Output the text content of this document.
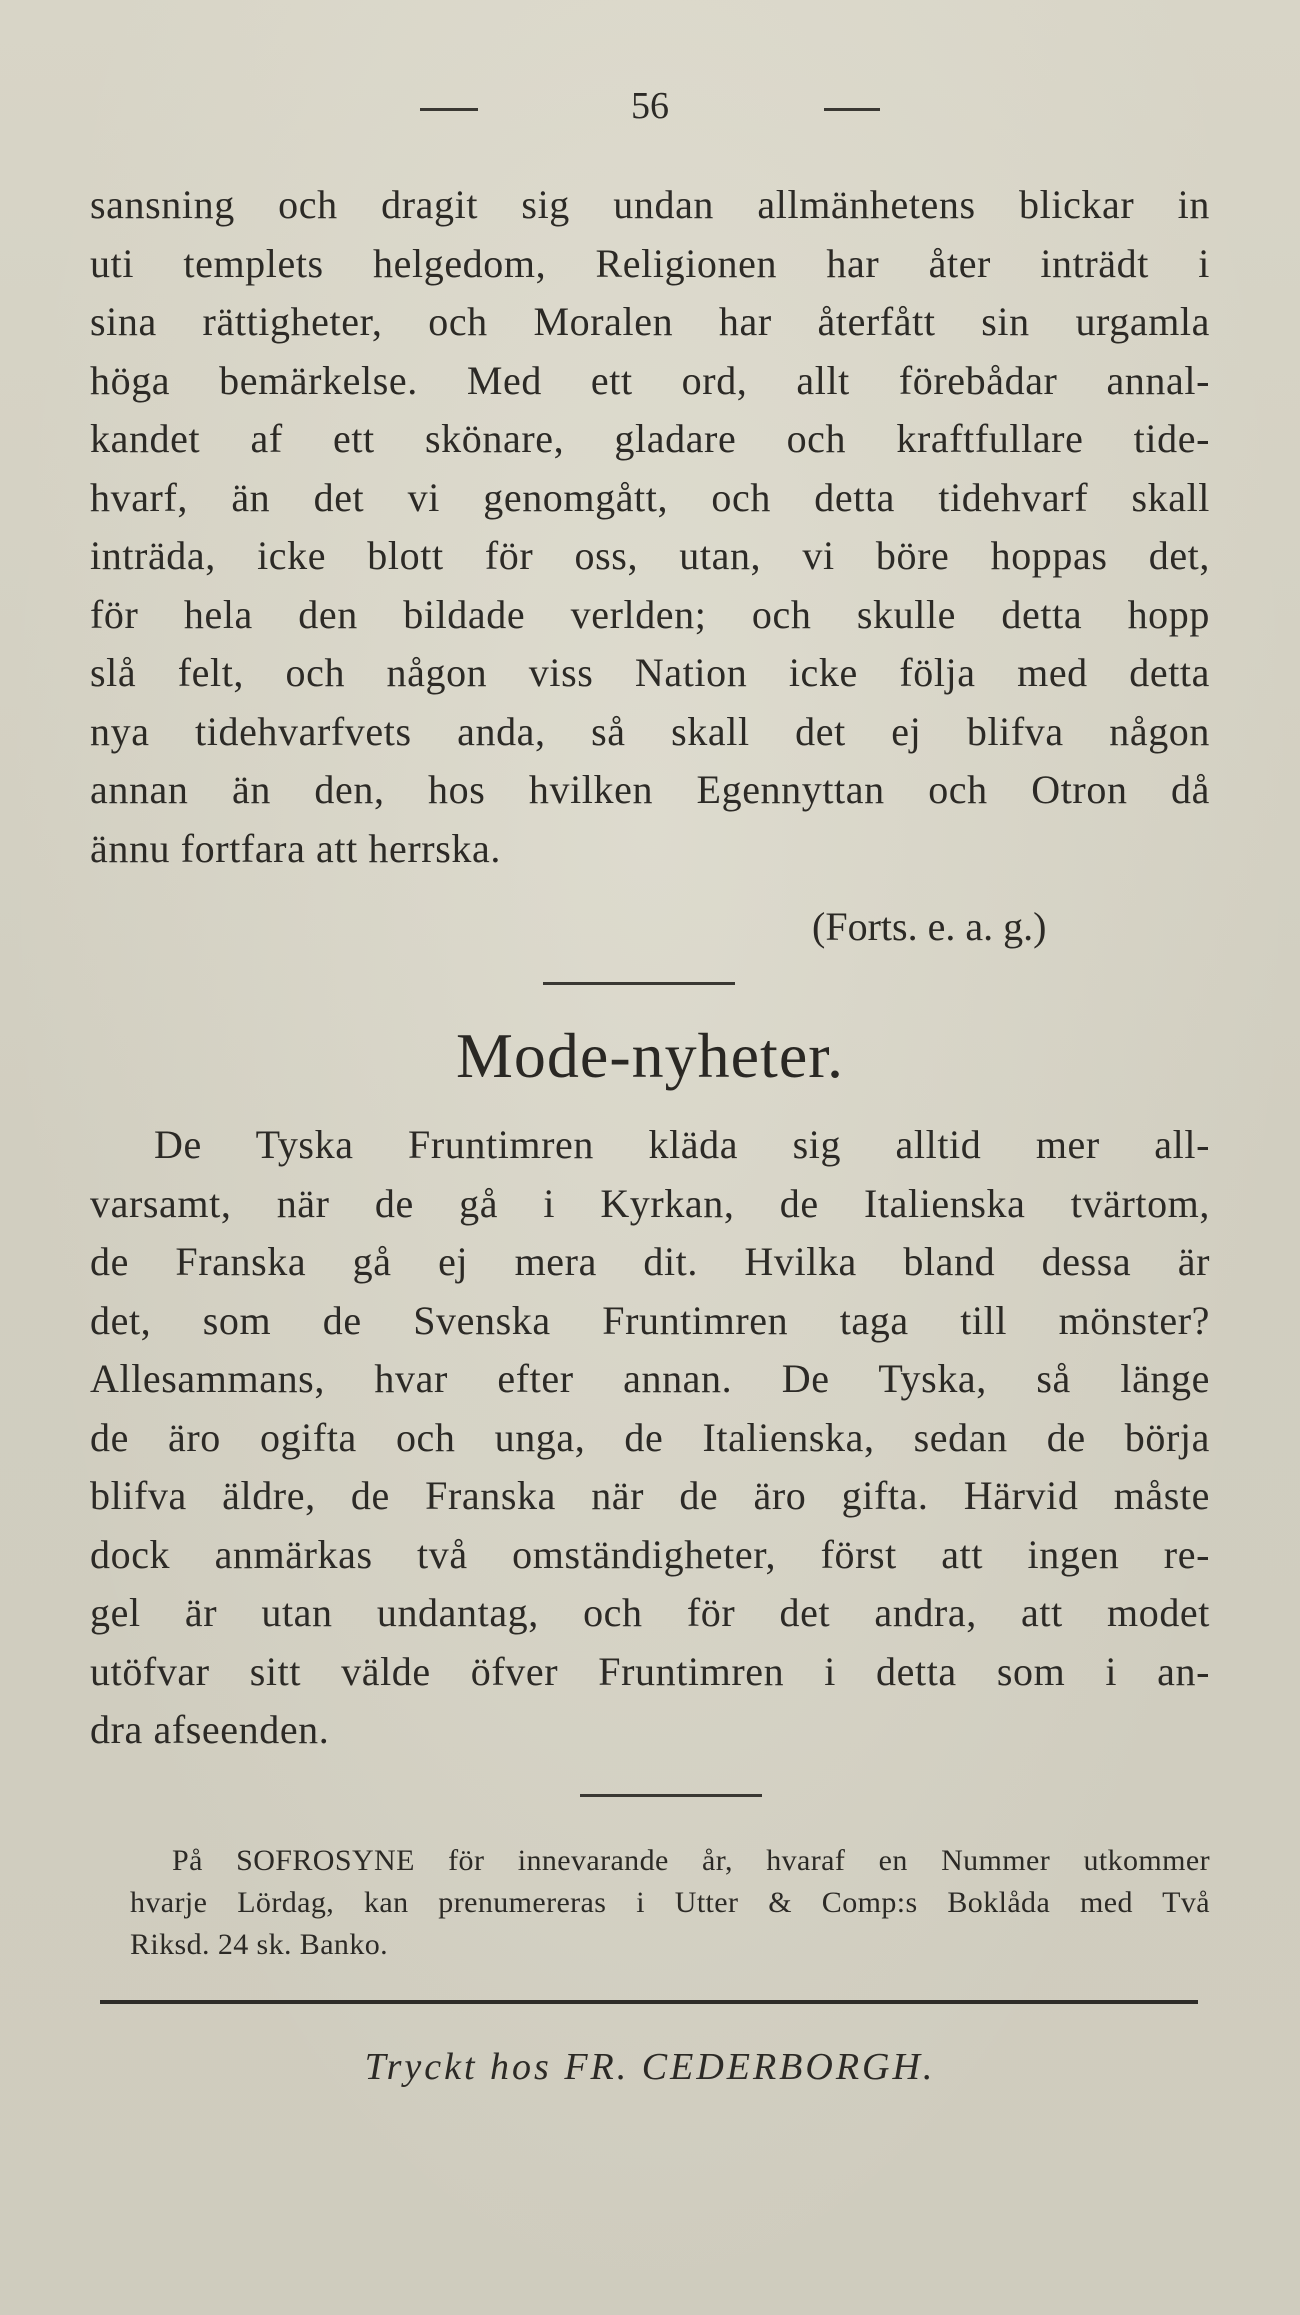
56
sansning och dragit sig undan allmänhetens blickar in
uti templets helgedom, Religionen har åter inträdt i
sina rättigheter, och Moralen har återfått sin urgamla
höga bemärkelse. Med ett ord, allt förebådar annal-
kandet af ett skönare, gladare och kraftfullare tide-
hvarf, än det vi genomgått, och detta tidehvarf skall
inträda, icke blott för oss, utan, vi böre hoppas det,
för hela den bildade verlden; och skulle detta hopp
slå felt, och någon viss Nation icke följa med detta
nya tidehvarfvets anda, så skall det ej blifva någon
annan än den, hos hvilken Egennyttan och Otron då
ännu fortfara att herrska.
(Forts. e. a. g.)
Mode-nyheter.
De Tyska Fruntimren kläda sig alltid mer all-
varsamt, när de gå i Kyrkan, de Italienska tvärtom,
de Franska gå ej mera dit. Hvilka bland dessa är
det, som de Svenska Fruntimren taga till mönster?
Allesammans, hvar efter annan. De Tyska, så länge
de äro ogifta och unga, de Italienska, sedan de börja
blifva äldre, de Franska när de äro gifta. Härvid måste
dock anmärkas två omständigheter, först att ingen re-
gel är utan undantag, och för det andra, att modet
utöfvar sitt välde öfver Fruntimren i detta som i an-
dra afseenden.
På SOFROSYNE för innevarande år, hvaraf en Nummer utkommer
hvarje Lördag, kan prenumereras i Utter & Comp:s Boklåda med Två
Riksd. 24 sk. Banko.
Tryckt hos FR. CEDERBORGH.
